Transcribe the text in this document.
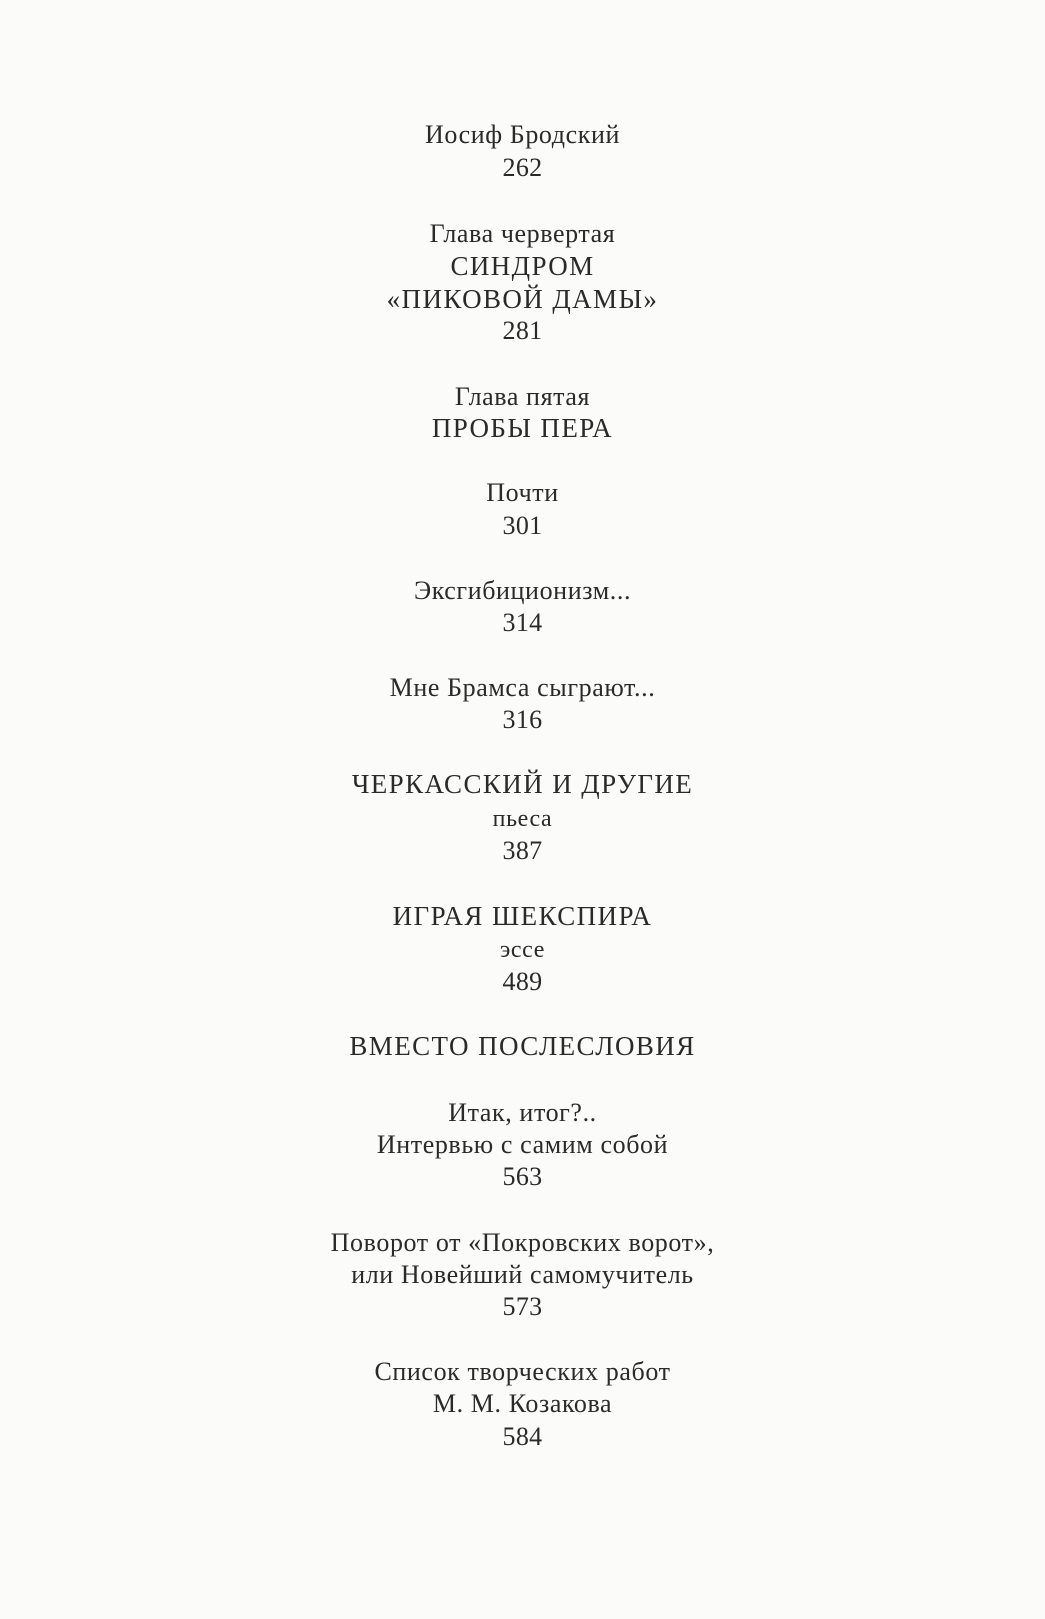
Иосиф Бродский
262
Глава червертая
СИНДРОМ
«ПИКОВОЙ ДАМЫ»
281
Глава пятая
ПРОБЫ ПЕРА
Почти
301
Эксгибиционизм...
314
Мне Брамса сыграют...
316
ЧЕРКАССКИЙ И ДРУГИЕ
пьеса
387
ИГРАЯ ШЕКСПИРА
эссе
489
ВМЕСТО ПОСЛЕСЛОВИЯ
Итак, итог?..
Интервью с самим собой
563
Поворот от «Покровских ворот»,
или Новейший самомучитель
573
Список творческих работ
М. М. Козакова
584
